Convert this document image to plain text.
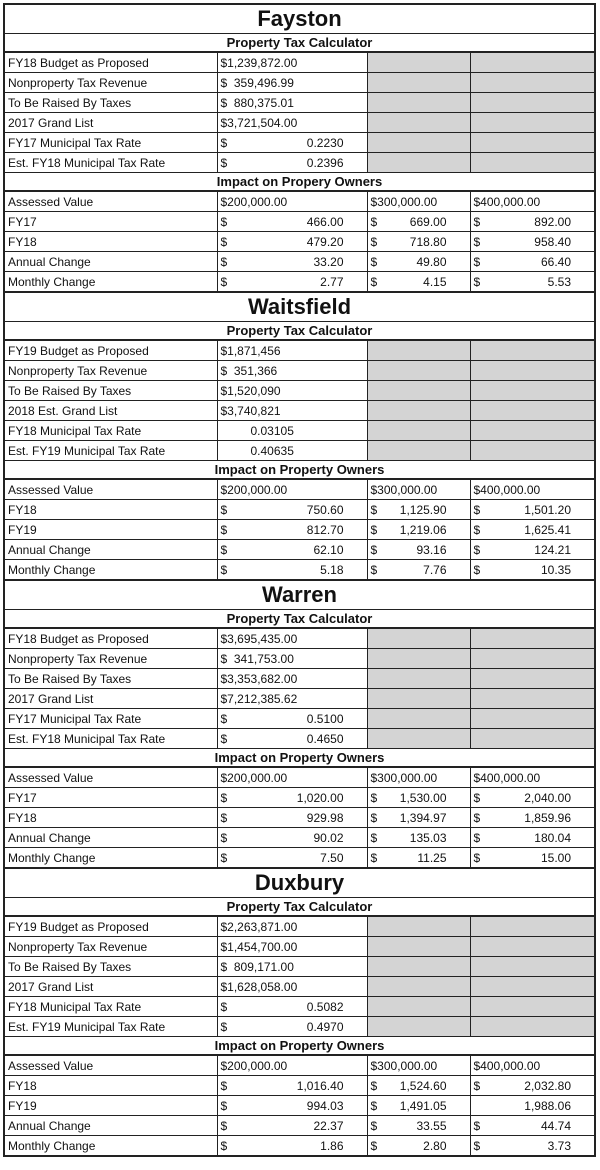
Fayston
Property Tax Calculator
FY18 Budget as Proposed	$1,239,872.00		
Nonproperty Tax Revenue	$  359,496.99		
To Be Raised By Taxes	$  880,375.01		
2017 Grand List	$3,721,504.00		
FY17 Municipal Tax Rate	$ 0.2230		

Est. FY18 Municipal Tax Rate	$ 0.2396		

Impact on Propery Owners
Assessed Value	$200,000.00	$300,000.00	$400,000.00
FY17	$ 466.00	$ 669.00	$ 892.00

FY18	$ 479.20	$ 718.80	$ 958.40

Annual Change	$ 33.20	$ 49.80	$ 66.40

Monthly Change	$ 2.77	$ 4.15	$ 5.53
Waitsfield
Property Tax Calculator
FY19 Budget as Proposed	$1,871,456		
Nonproperty Tax Revenue	$  351,366		
To Be Raised By Taxes	$1,520,090		
2018 Est. Grand List	$3,740,821		
FY18 Municipal Tax Rate	0.03105		
Est. FY19 Municipal Tax Rate	0.40635		
Impact on Property Owners
Assessed Value	$200,000.00	$300,000.00	$400,000.00
FY18	$ 750.60	$ 1,125.90	$ 1,501.20

FY19	$ 812.70	$ 1,219.06	$ 1,625.41

Annual Change	$ 62.10	$ 93.16	$ 124.21

Monthly Change	$ 5.18	$ 7.76	$ 10.35
Warren
Property Tax Calculator
FY18 Budget as Proposed	$3,695,435.00		
Nonproperty Tax Revenue	$  341,753.00		
To Be Raised By Taxes	$3,353,682.00		
2017 Grand List	$7,212,385.62		
FY17 Municipal Tax Rate	$ 0.5100		

Est. FY18 Municipal Tax Rate	$ 0.4650		

Impact on Property Owners
Assessed Value	$200,000.00	$300,000.00	$400,000.00
FY17	$ 1,020.00	$ 1,530.00	$ 2,040.00

FY18	$ 929.98	$ 1,394.97	$ 1,859.96

Annual Change	$ 90.02	$ 135.03	$ 180.04

Monthly Change	$ 7.50	$ 11.25	$ 15.00
Duxbury
Property Tax Calculator
FY19 Budget as Proposed	$2,263,871.00		
Nonproperty Tax Revenue	$1,454,700.00		
To Be Raised By Taxes	$  809,171.00		
2017 Grand List	$1,628,058.00		
FY18 Municipal Tax Rate	$ 0.5082		

Est. FY19 Municipal Tax Rate	$ 0.4970		

Impact on Property Owners
Assessed Value	$200,000.00	$300,000.00	$400,000.00
FY18	$ 1,016.40	$ 1,524.60	$ 2,032.80

FY19	$ 994.03	$ 1,491.05	1,988.06

Annual Change	$ 22.37	$ 33.55	$ 44.74

Monthly Change	$ 1.86	$ 2.80	$ 3.73
